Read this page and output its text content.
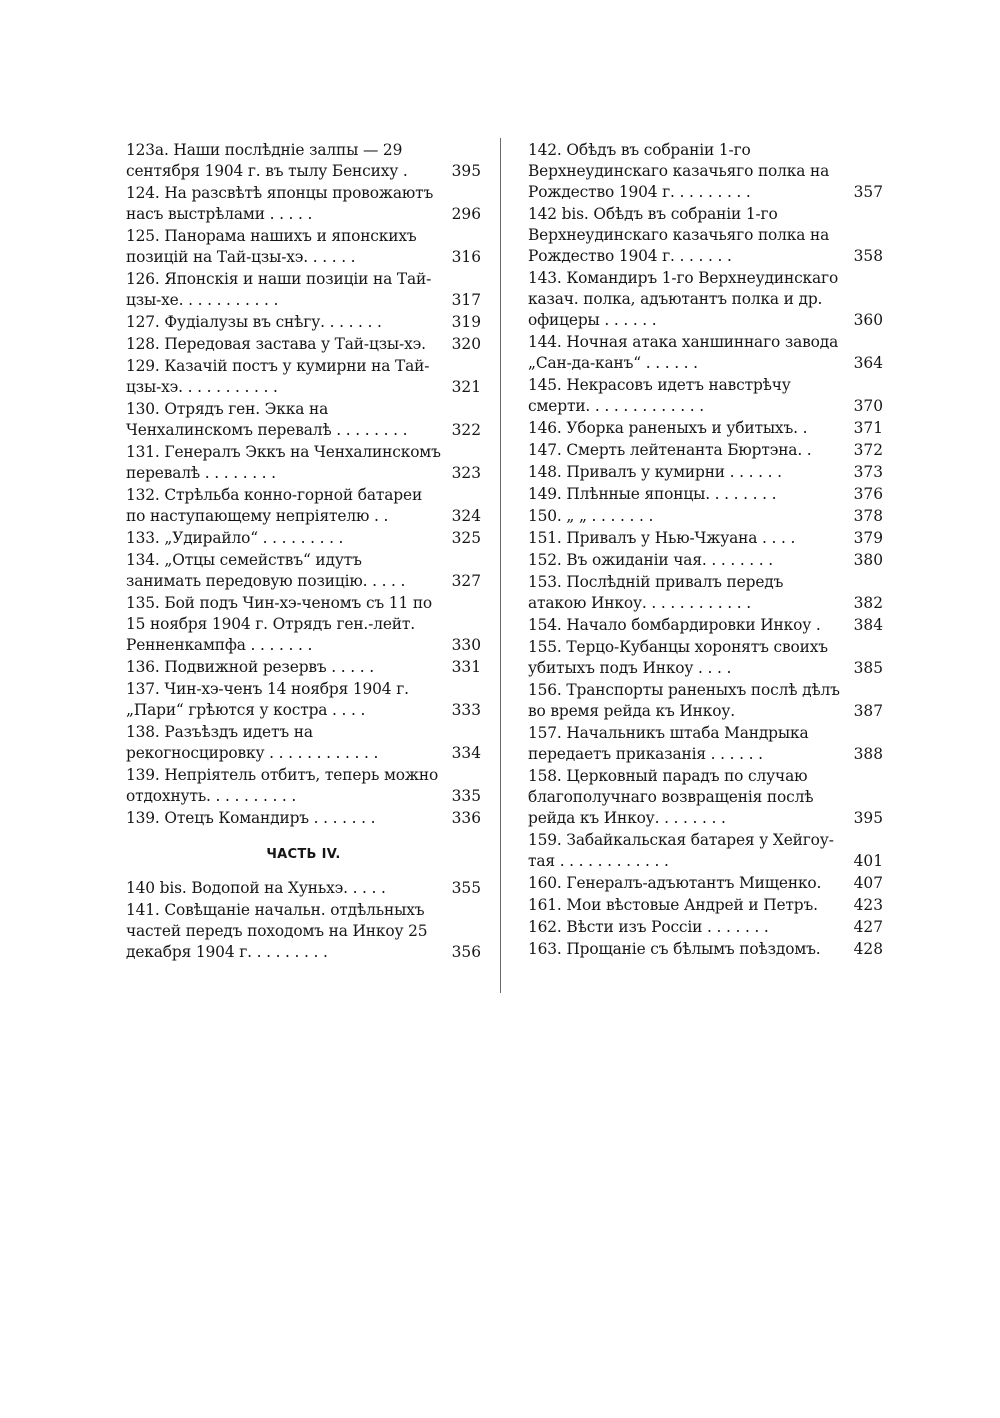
123a. Наши послѣдніе залпы — 29 сентября 1904 г. въ тылу Бенсиху .	395
124. На разсвѣтѣ японцы провожаютъ насъ выстрѣлами . . . . .	296
125. Панорама нашихъ и японскихъ позицій на Тай-цзы-хэ. . . . . .	316
126. Японскія и наши позиціи на Тай-цзы-хе. . . . . . . . . . .	317
127. Фудіалузы въ снѣгу. . . . . . .	319
128. Передовая застава у Тай-цзы-хэ.	320
129. Казачій постъ у кумирни на Тай-цзы-хэ. . . . . . . . . . .	321
130. Отрядъ ген. Экка на Ченхалинскомъ перевалѣ . . . . . . . .	322
131. Генералъ Эккъ на Ченхалинскомъ перевалѣ . . . . . . . .	323
132. Стрѣльба конно-горной батареи по наступающему непріятелю . .	324
133. „Удирайло“ . . . . . . . . .	325
134. „Отцы семействъ“ идутъ занимать передовую позицію. . . . .	327
135. Бой подъ Чин-хэ-ченомъ съ 11 по 15 ноября 1904 г. Отрядъ ген.-лейт. Ренненкампфа . . . . . . .	330
136. Подвижной резервъ . . . . .	331
137. Чин-хэ-ченъ 14 ноября 1904 г. „Пари“ грѣются у костра . . . .	333
138. Разъѣздъ идетъ на рекогносцировку . . . . . . . . . . . .	334
139. Непріятель отбитъ, теперь можно отдохнуть. . . . . . . . . .	335
139. Отецъ Командиръ . . . . . . .	336
ЧАСТЬ IV.
140 bis. Водопой на Хуньхэ. . . . .	355
141. Совѣщаніе начальн. отдѣльныхъ частей передъ походомъ на Инкоу 25 декабря 1904 г. . . . . . . . .	356
142. Обѣдъ въ собраніи 1-го Верхнеудинскаго казачьяго полка на Рождество 1904 г. . . . . . . . .	357
142 bis. Обѣдъ въ собраніи 1-го Верхнеудинскаго казачьяго полка на Рождество 1904 г. . . . . . .	358
143. Командиръ 1-го Верхнеудинскаго казач. полка, адъютантъ полка и др. офицеры . . . . . .	360
144. Ночная атака ханшиннаго завода „Сан-да-канъ“ . . . . . .	364
145. Некрасовъ идетъ навстрѣчу смерти. . . . . . . . . . . . .	370
146. Уборка раненыхъ и убитыхъ. .	371
147. Смерть лейтенанта Бюртэна. .	372
148. Привалъ у кумирни . . . . . .	373
149. Плѣнные японцы. . . . . . . .	376
150. „ „ . . . . . . .	378
151. Привалъ у Нью-Чжуана . . . .	379
152. Въ ожиданіи чая. . . . . . . .	380
153. Послѣдній привалъ передъ атакою Инкоу. . . . . . . . . . . .	382
154. Начало бомбардировки Инкоу .	384
155. Терцо-Кубанцы хоронятъ своихъ убитыхъ подъ Инкоу . . . .	385
156. Транспорты раненыхъ послѣ дѣлъ во время рейда къ Инкоу.	387
157. Начальникъ штаба Мандрыка передаетъ приказанія . . . . . .	388
158. Церковный парадъ по случаю благополучнаго возвращенія послѣ рейда къ Инкоу. . . . . . . .	395
159. Забайкальская батарея у Хейгоу-тая . . . . . . . . . . . .	401
160. Генералъ-адъютантъ Мищенко.	407
161. Мои вѣстовые Андрей и Петръ.	423
162. Вѣсти изъ Россіи . . . . . . .	427
163. Прощаніе съ бѣлымъ поѣздомъ.	428
